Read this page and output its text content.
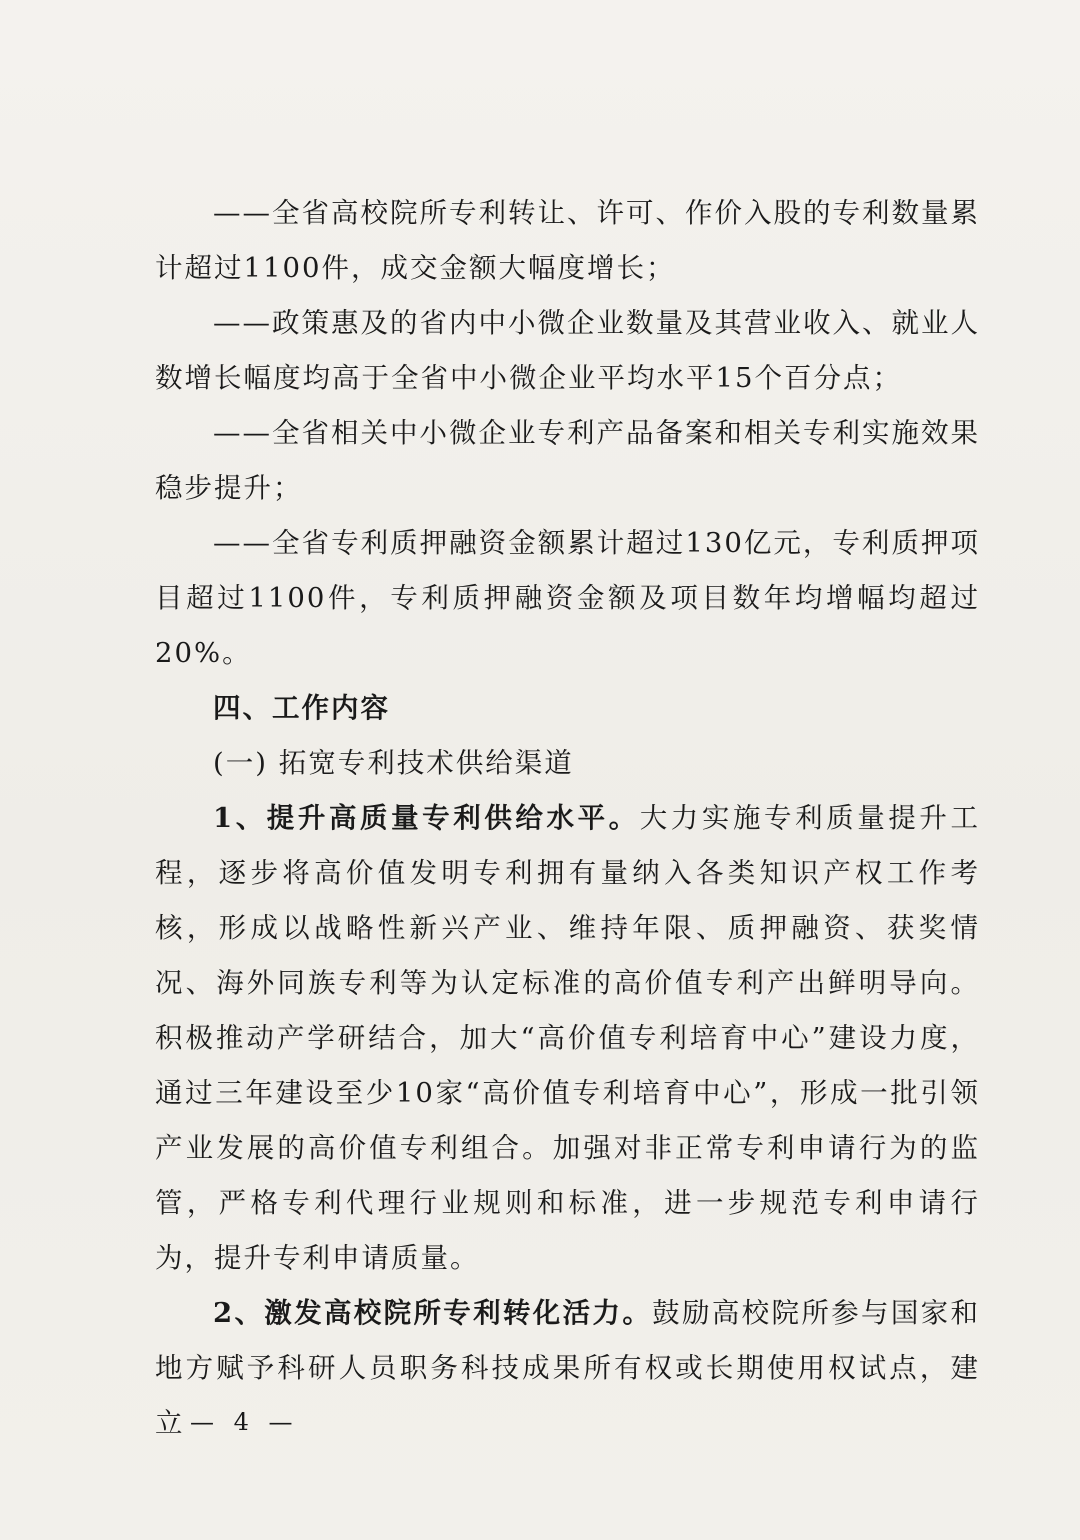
——全省高校院所专利转让、许可、作价入股的专利数量累计超过1100件，成交金额大幅度增长；

——政策惠及的省内中小微企业数量及其营业收入、就业人数增长幅度均高于全省中小微企业平均水平15个百分点；

——全省相关中小微企业专利产品备案和相关专利实施效果稳步提升；

——全省专利质押融资金额累计超过130亿元，专利质押项目超过1100件，专利质押融资金额及项目数年均增幅均超过20%。

四、工作内容

(一) 拓宽专利技术供给渠道

1、提升高质量专利供给水平。大力实施专利质量提升工程，逐步将高价值发明专利拥有量纳入各类知识产权工作考核，形成以战略性新兴产业、维持年限、质押融资、获奖情况、海外同族专利等为认定标准的高价值专利产出鲜明导向。积极推动产学研结合，加大“高价值专利培育中心”建设力度，通过三年建设至少10家“高价值专利培育中心”，形成一批引领产业发展的高价值专利组合。加强对非正常专利申请行为的监管，严格专利代理行业规则和标准，进一步规范专利申请行为，提升专利申请质量。

2、激发高校院所专利转化活力。鼓励高校院所参与国家和地方赋予科研人员职务科技成果所有权或长期使用权试点，建立 — 4 —
